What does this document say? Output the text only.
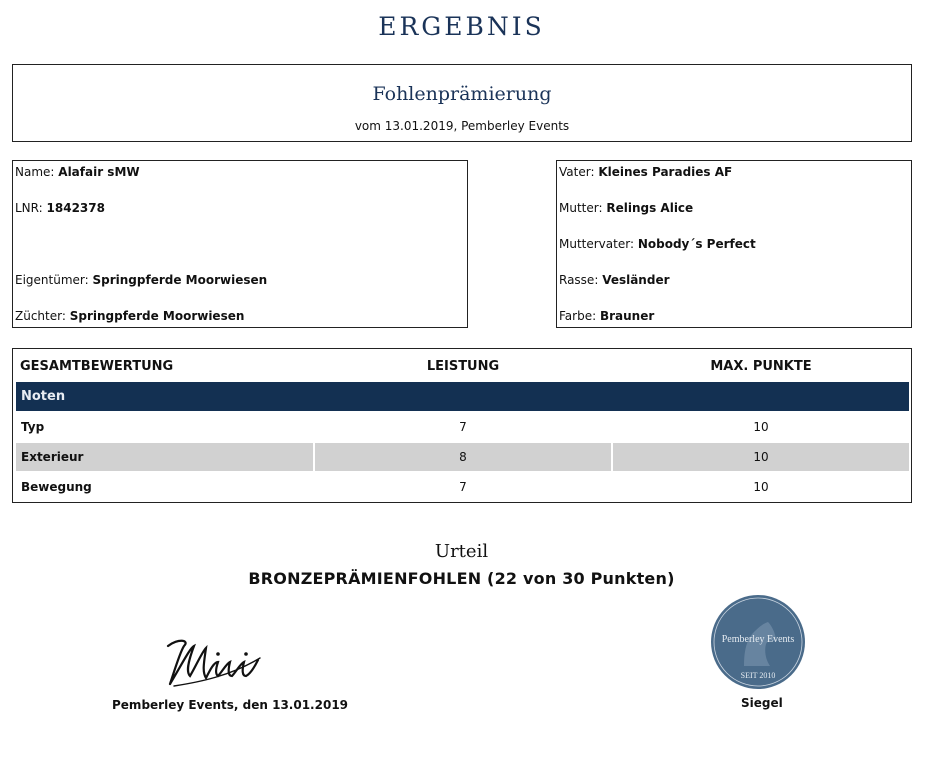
ERGEBNIS
Fohlenprämierung
vom 13.01.2019, Pemberley Events
Name: Alafair sMW
LNR: 1842378
Eigentümer: Springpferde Moorwiesen
Züchter: Springpferde Moorwiesen
Vater: Kleines Paradies AF
Mutter: Relings Alice
Muttervater: Nobody´s Perfect
Rasse: Vesländer
Farbe: Brauner
GESAMTBEWERTUNG	LEISTUNG	MAX. PUNKTE
Noten
Typ	7	10
Exterieur	8	10
Bewegung	7	10
Urteil
BRONZEPRÄMIENFOHLEN (22 von 30 Punkten)
Pemberley Events, den 13.01.2019
Pemberley Events
SEIT 2010
Siegel
